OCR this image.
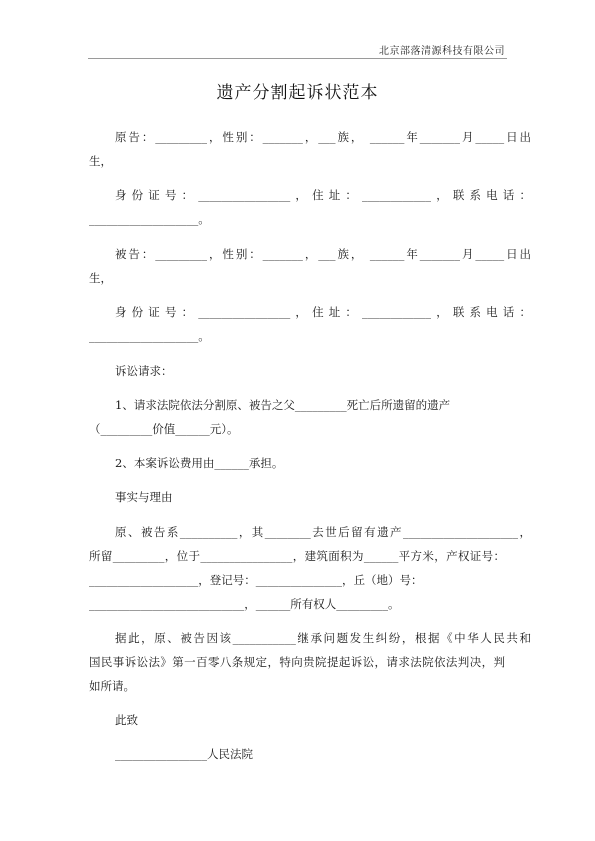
北京部落清源科技有限公司
遗产分割起诉状范本
原告：_________，性别：_______，___族， ______年_______月_____日出
生，
身份证号：________________，住址：____________，联系电话：
___________________。
被告：_________，性别：_______，___族， ______年_______月_____日出
生，
身份证号：________________，住址：____________，联系电话：
___________________。
诉讼请求：
1、请求法院依法分割原、被告之父_________死亡后所遗留的遗产
（_________价值______元）。
2、本案诉讼费用由______承担。
事实与理由
原、被告系__________，其________去世后留有遗产____________________，
所留_________，位于________________，建筑面积为______平方米，产权证号：
___________________，登记号：_______________，丘（地）号：
___________________________，______所有权人_________。
据此，原、被告因该___________继承问题发生纠纷，根据《中华人民共和
国民事诉讼法》第一百零八条规定，特向贵院提起诉讼，请求法院依法判决，判
如所请。
此致
________________人民法院
